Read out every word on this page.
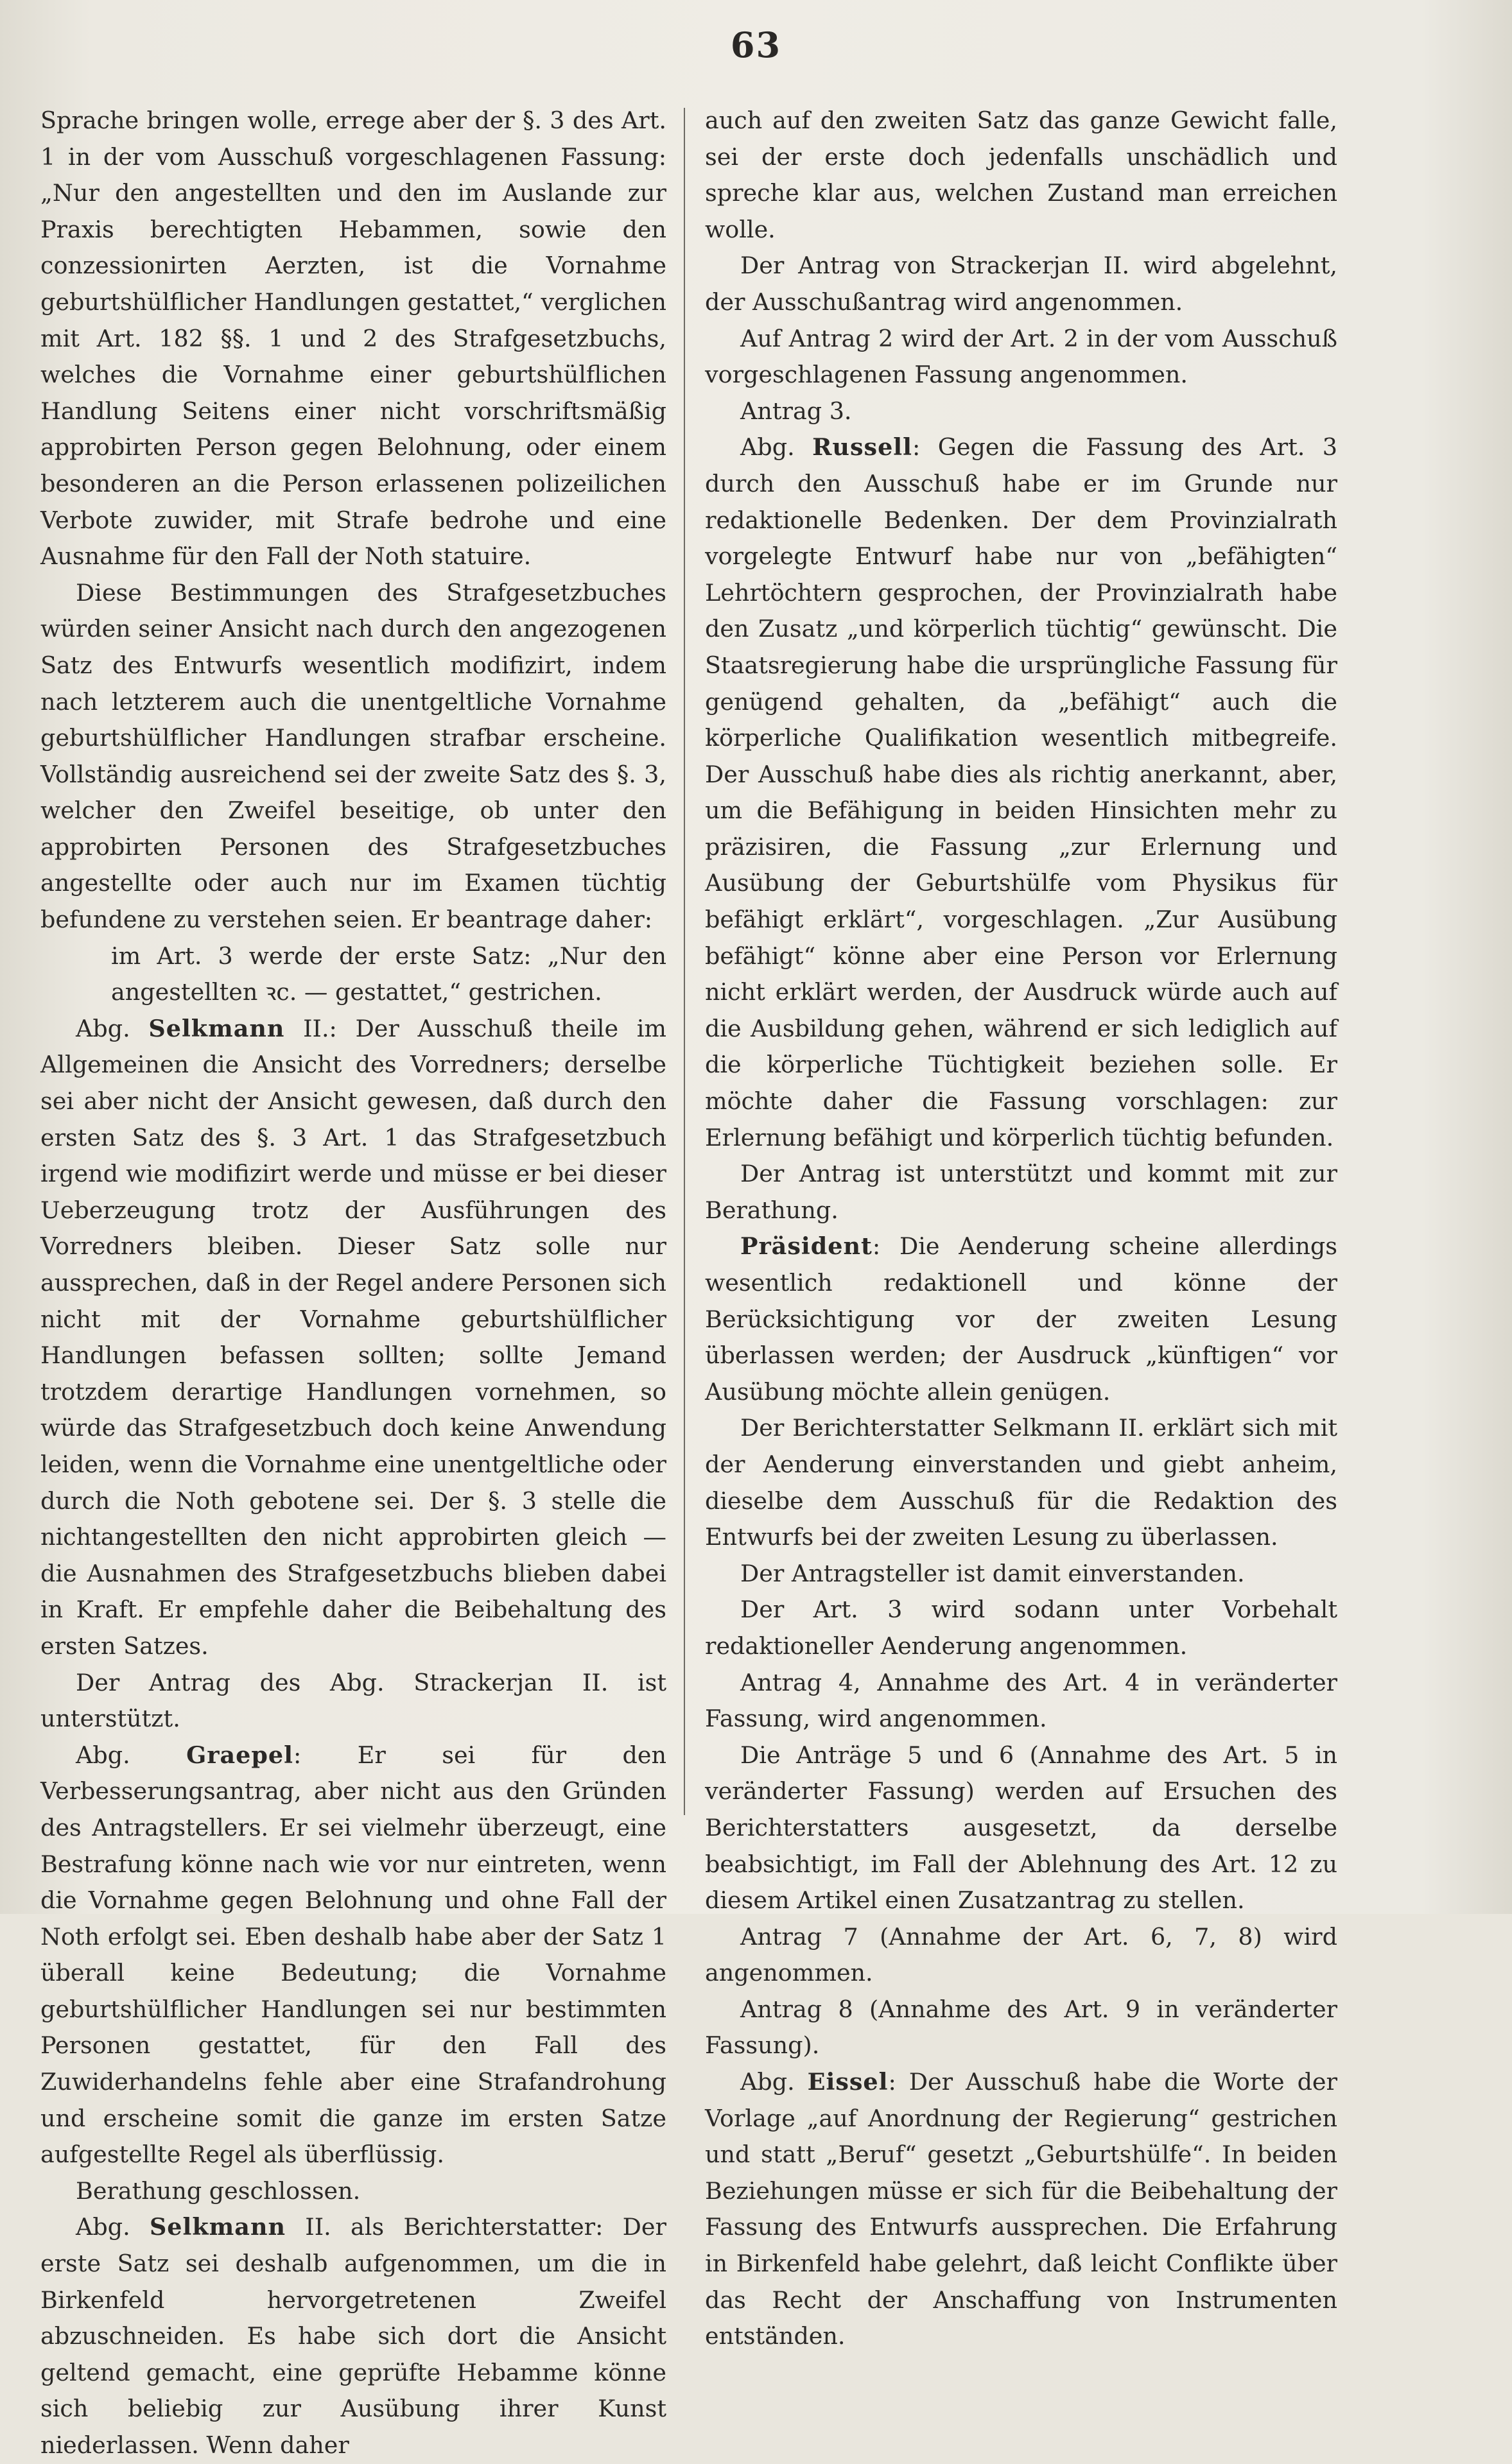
63

Sprache bringen wolle, errege aber der §. 3 des Art. 1 in der vom Ausschuß vorgeschlagenen Fassung: „Nur den angestellten und den im Auslande zur Praxis berechtigten Hebammen, sowie den conzessionirten Aerzten, ist die Vornahme geburtshülflicher Handlungen gestattet,“ verglichen mit Art. 182 §§. 1 und 2 des Strafgesetzbuchs, welches die Vornahme einer geburtshülflichen Handlung Seitens einer nicht vorschriftsmäßig approbirten Person gegen Belohnung, oder einem besonderen an die Person erlassenen polizeilichen Verbote zuwider, mit Strafe bedrohe und eine Ausnahme für den Fall der Noth statuire.

Diese Bestimmungen des Strafgesetzbuches würden seiner Ansicht nach durch den angezogenen Satz des Entwurfs wesentlich modifizirt, indem nach letzterem auch die unentgeltliche Vornahme geburtshülflicher Handlungen strafbar erscheine. Vollständig ausreichend sei der zweite Satz des §. 3, welcher den Zweifel beseitige, ob unter den approbirten Personen des Strafgesetzbuches angestellte oder auch nur im Examen tüchtig befundene zu verstehen seien. Er beantrage daher:

im Art. 3 werde der erste Satz: „Nur den angestellten ꝛc. — gestattet,“ gestrichen.

Abg. Selkmann II.: Der Ausschuß theile im Allgemeinen die Ansicht des Vorredners; derselbe sei aber nicht der Ansicht gewesen, daß durch den ersten Satz des §. 3 Art. 1 das Strafgesetzbuch irgend wie modifizirt werde und müsse er bei dieser Ueberzeugung trotz der Ausführungen des Vorredners bleiben. Dieser Satz solle nur aussprechen, daß in der Regel andere Personen sich nicht mit der Vornahme geburtshülflicher Handlungen befassen sollten; sollte Jemand trotzdem derartige Handlungen vornehmen, so würde das Strafgesetzbuch doch keine Anwendung leiden, wenn die Vornahme eine unentgeltliche oder durch die Noth gebotene sei. Der §. 3 stelle die nichtangestellten den nicht approbirten gleich — die Ausnahmen des Strafgesetzbuchs blieben dabei in Kraft. Er empfehle daher die Beibehaltung des ersten Satzes.

Der Antrag des Abg. Strackerjan II. ist unterstützt.

Abg. Graepel: Er sei für den Verbesserungsantrag, aber nicht aus den Gründen des Antragstellers. Er sei vielmehr überzeugt, eine Bestrafung könne nach wie vor nur eintreten, wenn die Vornahme gegen Belohnung und ohne Fall der Noth erfolgt sei. Eben deshalb habe aber der Satz 1 überall keine Bedeutung; die Vornahme geburtshülflicher Handlungen sei nur bestimmten Personen gestattet, für den Fall des Zuwiderhandelns fehle aber eine Strafandrohung und erscheine somit die ganze im ersten Satze aufgestellte Regel als überflüssig.

Berathung geschlossen.

Abg. Selkmann II. als Berichterstatter: Der erste Satz sei deshalb aufgenommen, um die in Birkenfeld hervorgetretenen Zweifel abzuschneiden. Es habe sich dort die Ansicht geltend gemacht, eine geprüfte Hebamme könne sich beliebig zur Ausübung ihrer Kunst niederlassen. Wenn daher

auch auf den zweiten Satz das ganze Gewicht falle, sei der erste doch jedenfalls unschädlich und spreche klar aus, welchen Zustand man erreichen wolle.

Der Antrag von Strackerjan II. wird abgelehnt, der Ausschußantrag wird angenommen.

Auf Antrag 2 wird der Art. 2 in der vom Ausschuß vorgeschlagenen Fassung angenommen.

Antrag 3.

Abg. Russell: Gegen die Fassung des Art. 3 durch den Ausschuß habe er im Grunde nur redaktionelle Bedenken. Der dem Provinzialrath vorgelegte Entwurf habe nur von „befähigten“ Lehrtöchtern gesprochen, der Provinzialrath habe den Zusatz „und körperlich tüchtig“ gewünscht. Die Staatsregierung habe die ursprüngliche Fassung für genügend gehalten, da „befähigt“ auch die körperliche Qualifikation wesentlich mitbegreife. Der Ausschuß habe dies als richtig anerkannt, aber, um die Befähigung in beiden Hinsichten mehr zu präzisiren, die Fassung „zur Erlernung und Ausübung der Geburtshülfe vom Physikus für befähigt erklärt“, vorgeschlagen. „Zur Ausübung befähigt“ könne aber eine Person vor Erlernung nicht erklärt werden, der Ausdruck würde auch auf die Ausbildung gehen, während er sich lediglich auf die körperliche Tüchtigkeit beziehen solle. Er möchte daher die Fassung vorschlagen: zur Erlernung befähigt und körperlich tüchtig befunden.

Der Antrag ist unterstützt und kommt mit zur Berathung.

Präsident: Die Aenderung scheine allerdings wesentlich redaktionell und könne der Berücksichtigung vor der zweiten Lesung überlassen werden; der Ausdruck „künftigen“ vor Ausübung möchte allein genügen.

Der Berichterstatter Selkmann II. erklärt sich mit der Aenderung einverstanden und giebt anheim, dieselbe dem Ausschuß für die Redaktion des Entwurfs bei der zweiten Lesung zu überlassen.

Der Antragsteller ist damit einverstanden.

Der Art. 3 wird sodann unter Vorbehalt redaktioneller Aenderung angenommen.

Antrag 4, Annahme des Art. 4 in veränderter Fassung, wird angenommen.

Die Anträge 5 und 6 (Annahme des Art. 5 in veränderter Fassung) werden auf Ersuchen des Berichterstatters ausgesetzt, da derselbe beabsichtigt, im Fall der Ablehnung des Art. 12 zu diesem Artikel einen Zusatzantrag zu stellen.

Antrag 7 (Annahme der Art. 6, 7, 8) wird angenommen.

Antrag 8 (Annahme des Art. 9 in veränderter Fassung).

Abg. Eissel: Der Ausschuß habe die Worte der Vorlage „auf Anordnung der Regierung“ gestrichen und statt „Beruf“ gesetzt „Geburtshülfe“. In beiden Beziehungen müsse er sich für die Beibehaltung der Fassung des Entwurfs aussprechen. Die Erfahrung in Birkenfeld habe gelehrt, daß leicht Conflikte über das Recht der Anschaffung von Instrumenten entständen.
